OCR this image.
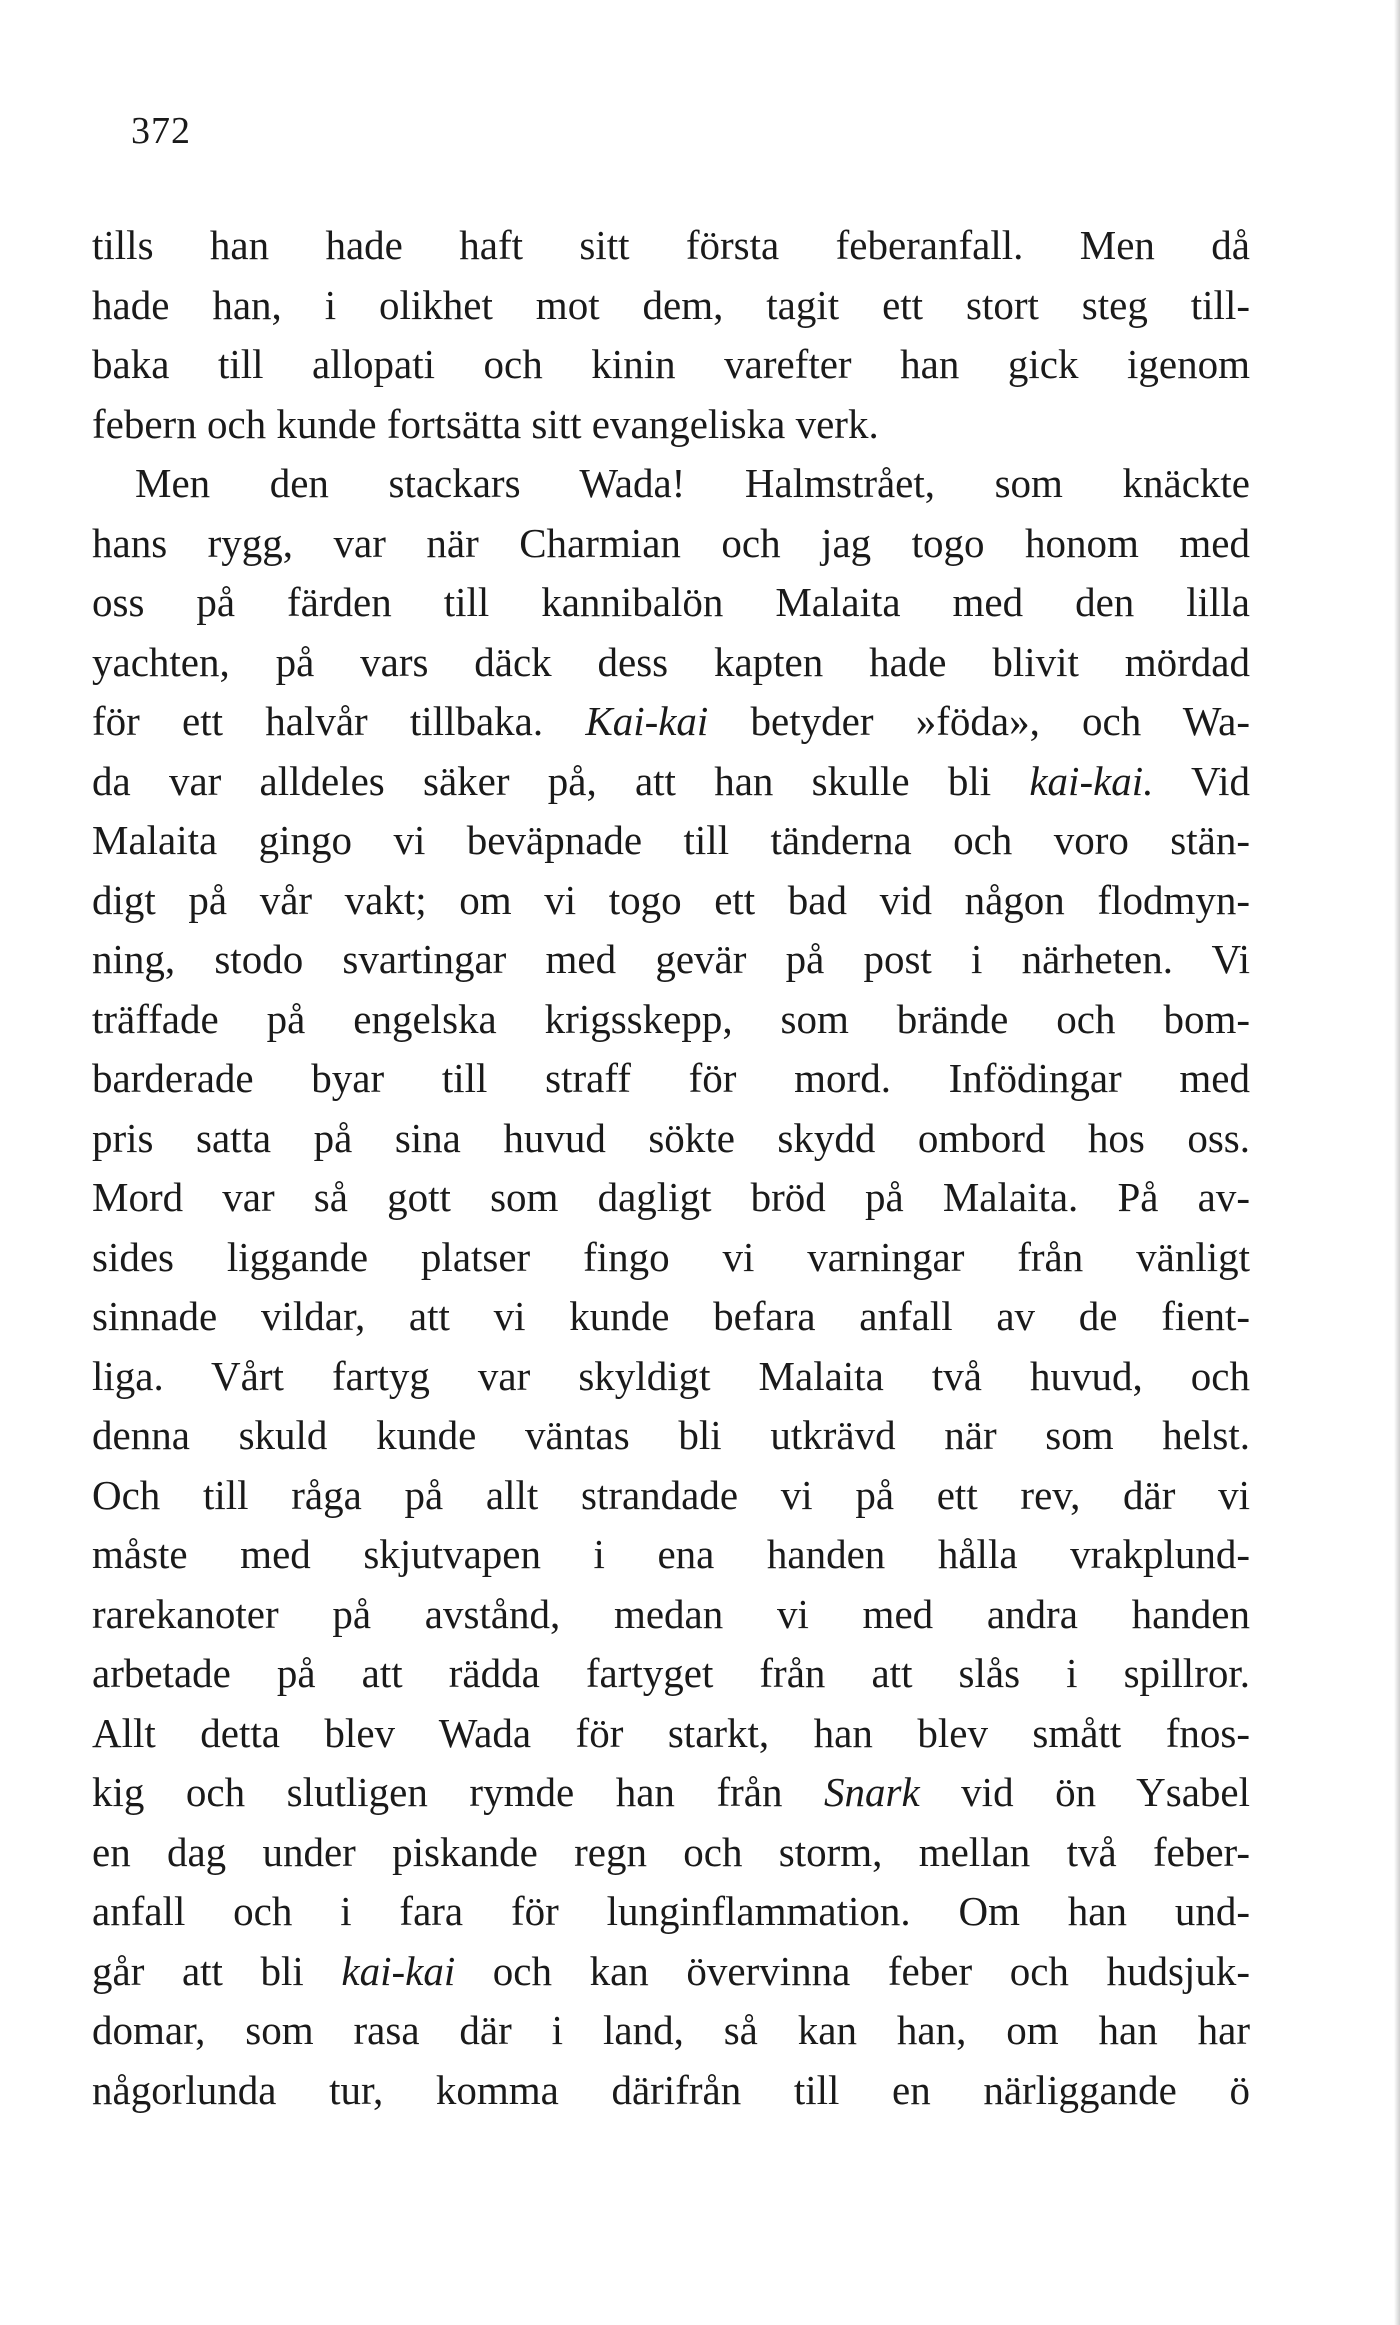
372
tills han hade haft sitt första feberanfall. Men då
hade han, i olikhet mot dem, tagit ett stort steg till-
baka till allopati och kinin varefter han gick igenom
febern och kunde fortsätta sitt evangeliska verk.
Men den stackars Wada! Halmstrået, som knäckte
hans rygg, var när Charmian och jag togo honom med
oss på färden till kannibalön Malaita med den lilla
yachten, på vars däck dess kapten hade blivit mördad
för ett halvår tillbaka. Kai-kai betyder »föda», och Wa-
da var alldeles säker på, att han skulle bli kai-kai. Vid
Malaita gingo vi beväpnade till tänderna och voro stän-
digt på vår vakt; om vi togo ett bad vid någon flodmyn-
ning, stodo svartingar med gevär på post i närheten. Vi
träffade på engelska krigsskepp, som brände och bom-
barderade byar till straff för mord. Infödingar med
pris satta på sina huvud sökte skydd ombord hos oss.
Mord var så gott som dagligt bröd på Malaita. På av-
sides liggande platser fingo vi varningar från vänligt
sinnade vildar, att vi kunde befara anfall av de fient-
liga. Vårt fartyg var skyldigt Malaita två huvud, och
denna skuld kunde väntas bli utkrävd när som helst.
Och till råga på allt strandade vi på ett rev, där vi
måste med skjutvapen i ena handen hålla vrakplund-
rarekanoter på avstånd, medan vi med andra handen
arbetade på att rädda fartyget från att slås i spillror.
Allt detta blev Wada för starkt, han blev smått fnos-
kig och slutligen rymde han från Snark vid ön Ysabel
en dag under piskande regn och storm, mellan två feber-
anfall och i fara för lunginflammation. Om han und-
går att bli kai-kai och kan övervinna feber och hudsjuk-
domar, som rasa där i land, så kan han, om han har
någorlunda tur, komma därifrån till en närliggande ö
